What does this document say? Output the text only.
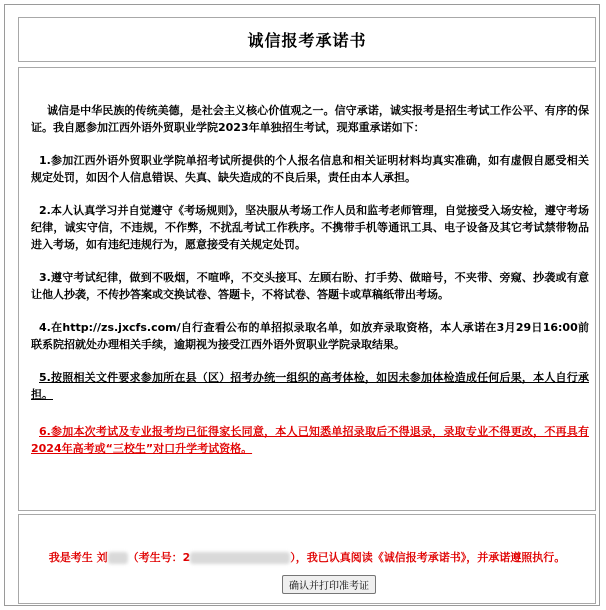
诚信报考承诺书

诚信是中华民族的传统美德，是社会主义核心价值观之一。信守承诺，诚实报考是招生考试工作公平、有序的保证。我自愿参加江西外语外贸职业学院2023年单独招生考试，现郑重承诺如下：

1.参加江西外语外贸职业学院单招考试所提供的个人报名信息和相关证明材料均真实准确，如有虚假自愿受相关规定处罚，如因个人信息错误、失真、缺失造成的不良后果，责任由本人承担。

2.本人认真学习并自觉遵守《考场规则》，坚决服从考场工作人员和监考老师管理，自觉接受入场安检，遵守考场纪律，诚实守信，不违规，不作弊，不扰乱考试工作秩序。不携带手机等通讯工具、电子设备及其它考试禁带物品进入考场，如有违纪违规行为，愿意接受有关规定处罚。

3.遵守考试纪律，做到不吸烟，不喧哗，不交头接耳、左顾右盼、打手势、做暗号，不夹带、旁窥、抄袭或有意让他人抄袭，不传抄答案或交换试卷、答题卡，不将试卷、答题卡或草稿纸带出考场。

4.在http://zs.jxcfs.com/自行查看公布的单招拟录取名单，如放弃录取资格，本人承诺在3月29日16:00前联系院招就处办理相关手续，逾期视为接受江西外语外贸职业学院录取结果。

5.按照相关文件要求参加所在县（区）招考办统一组织的高考体检，如因未参加体检造成任何后果，本人自行承担。

6.参加本次考试及专业报考均已征得家长同意，本人已知悉单招录取后不得退录，录取专业不得更改，不再具有2024年高考或“三校生”对口升学考试资格。

我是考生 刘 （考生号：2	），我已认真阅读《诚信报考承诺书》，并承诺遵照执行。
确认并打印准考证
